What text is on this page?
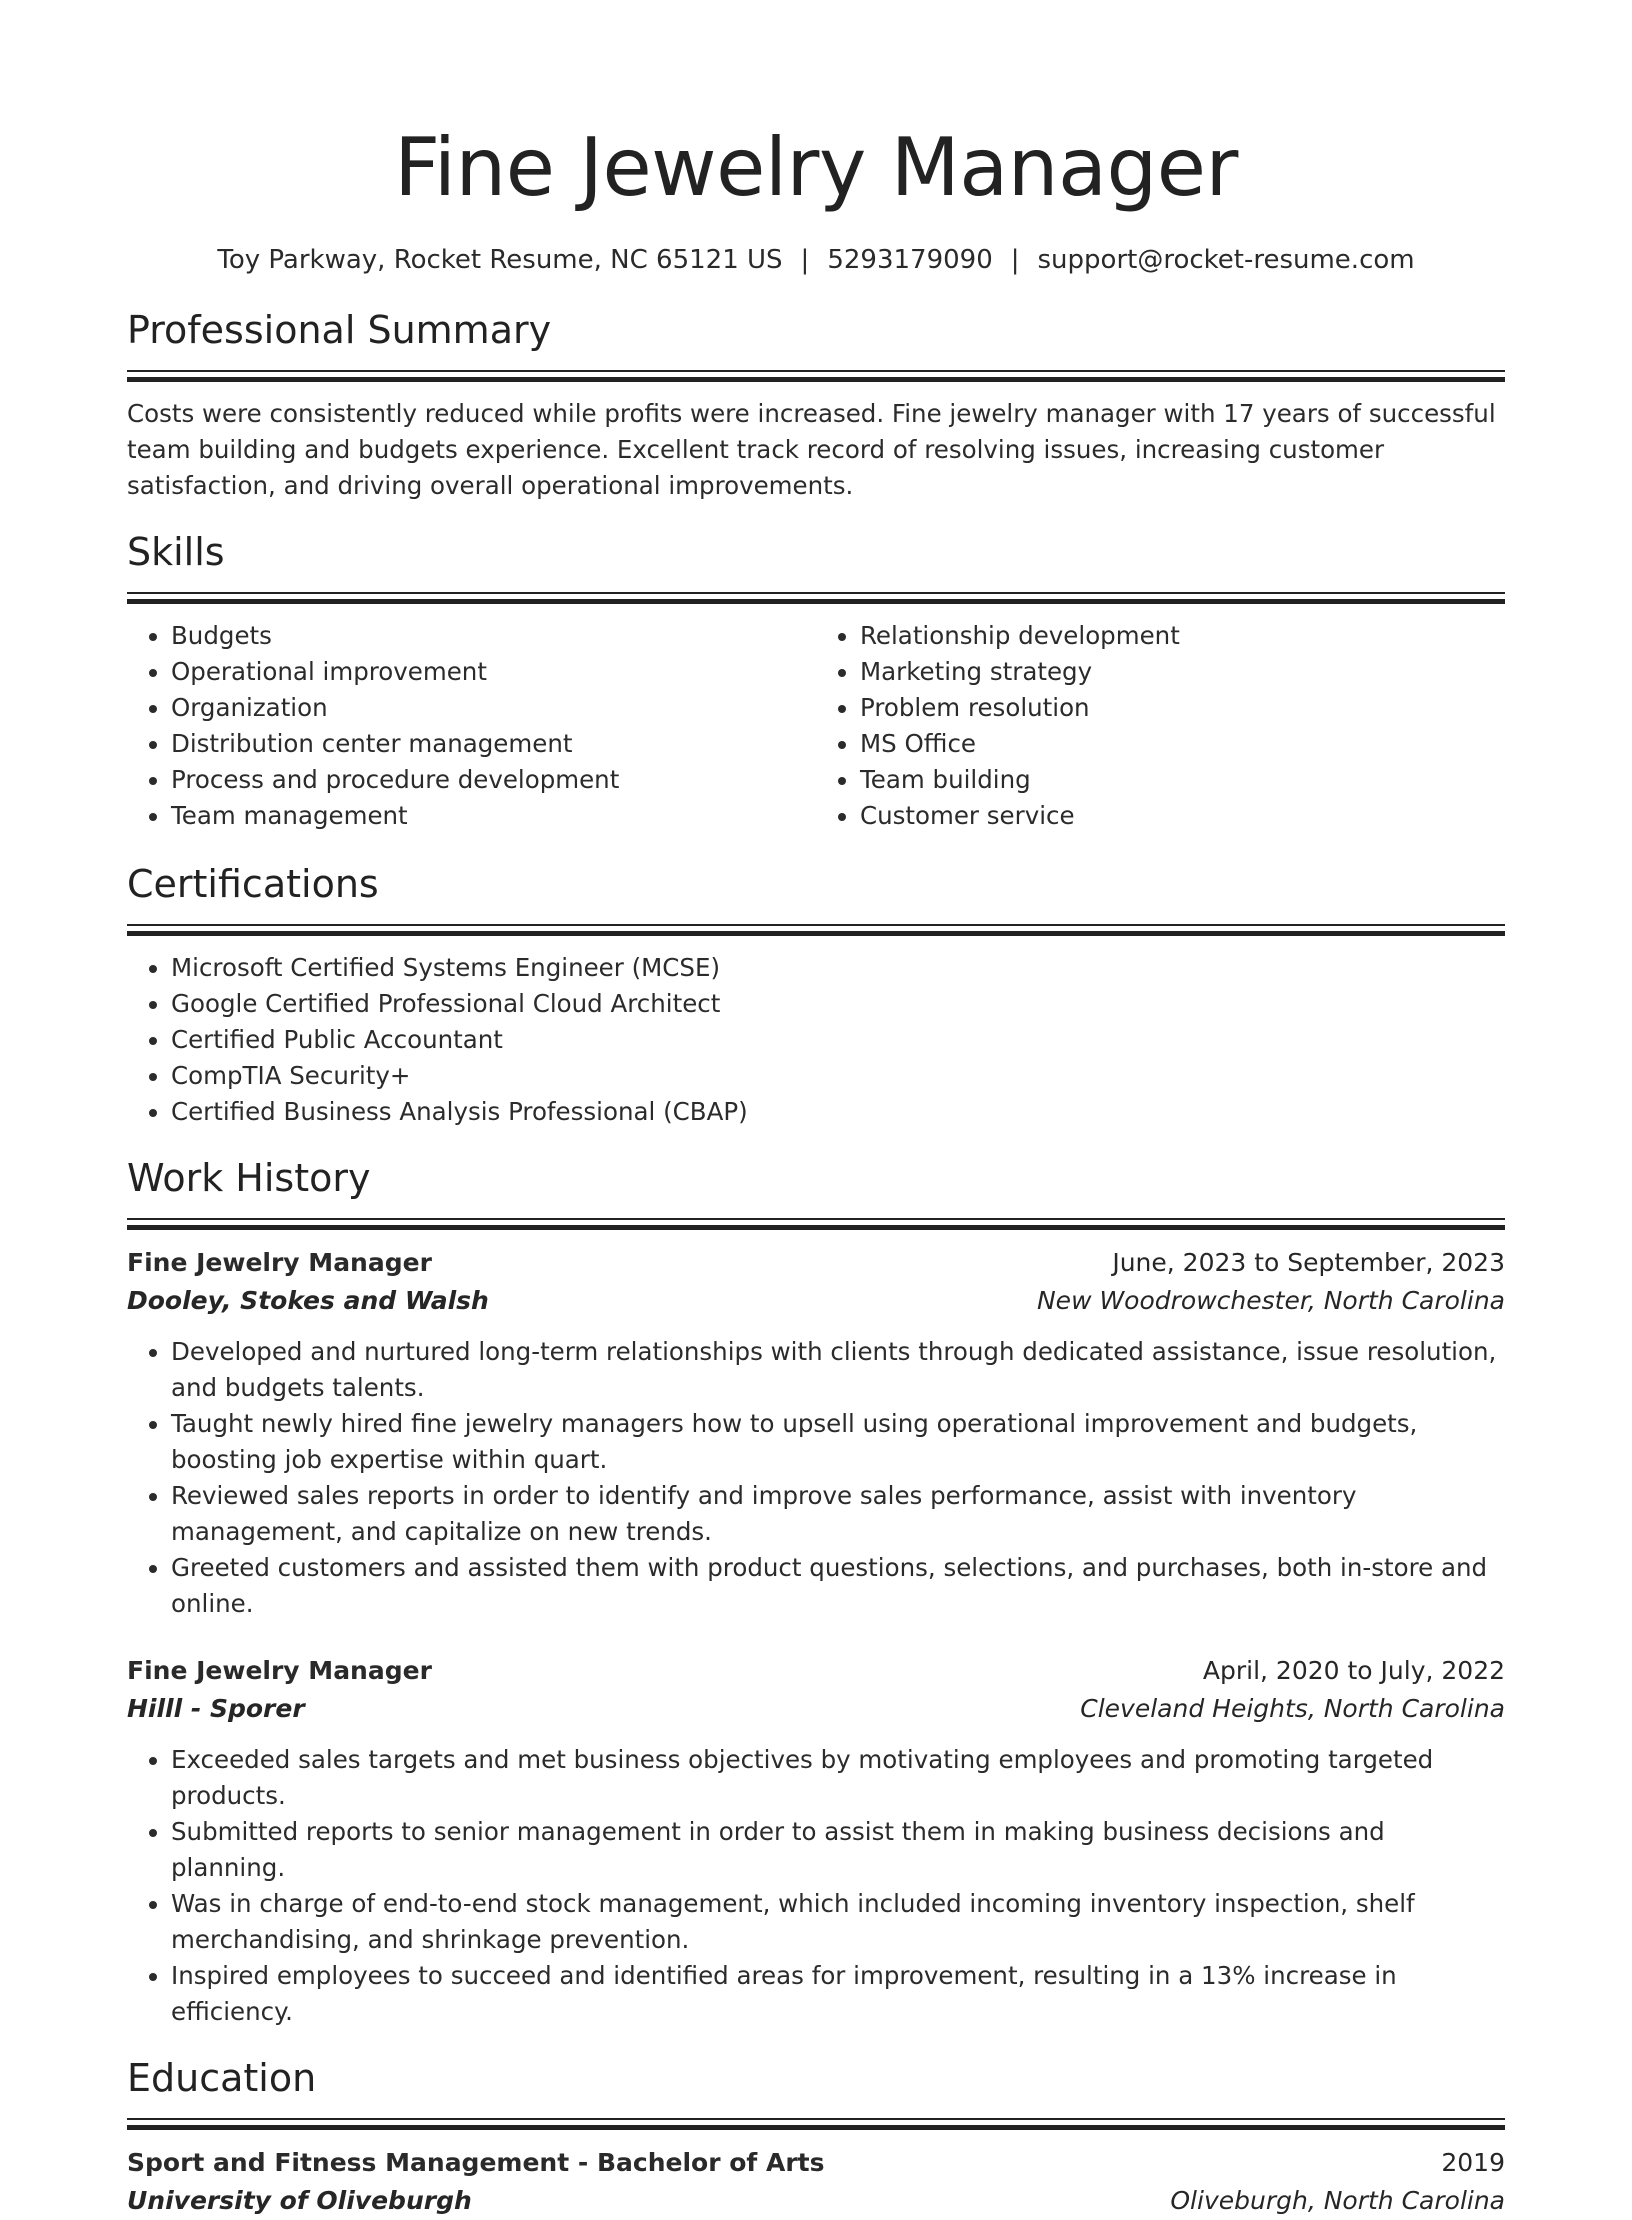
Fine Jewelry Manager
Toy Parkway, Rocket Resume, NC 65121 US | 5293179090 | support@rocket-resume.com
Professional Summary

Costs were consistently reduced while profits were increased. Fine jewelry manager with 17 years of successful team building and budgets experience. Excellent track record of resolving issues, increasing customer satisfaction, and driving overall operational improvements.

Skills
• Budgets
• Operational improvement
• Organization
• Distribution center management
• Process and procedure development
• Team management
• Relationship development
• Marketing strategy
• Problem resolution
• MS Office
• Team building
• Customer service
Certifications
• Microsoft Certified Systems Engineer (MCSE)
• Google Certified Professional Cloud Architect
• Certified Public Accountant
• CompTIA Security+
• Certified Business Analysis Professional (CBAP)
Work History
Fine Jewelry Manager	June, 2023 to September, 2023
Dooley, Stokes and Walsh	New Woodrowchester, North Carolina
• Developed and nurtured long-term relationships with clients through dedicated assistance, issue resolution, and budgets talents.
• Taught newly hired fine jewelry managers how to upsell using operational improvement and budgets, boosting job expertise within quart.
• Reviewed sales reports in order to identify and improve sales performance, assist with inventory management, and capitalize on new trends.
• Greeted customers and assisted them with product questions, selections, and purchases, both in-store and online.
Fine Jewelry Manager	April, 2020 to July, 2022
Hilll - Sporer	Cleveland Heights, North Carolina
• Exceeded sales targets and met business objectives by motivating employees and promoting targeted products.
• Submitted reports to senior management in order to assist them in making business decisions and planning.
• Was in charge of end-to-end stock management, which included incoming inventory inspection, shelf merchandising, and shrinkage prevention.
• Inspired employees to succeed and identified areas for improvement, resulting in a 13% increase in efficiency.
Education
Sport and Fitness Management - Bachelor of Arts	2019
University of Oliveburgh	Oliveburgh, North Carolina
